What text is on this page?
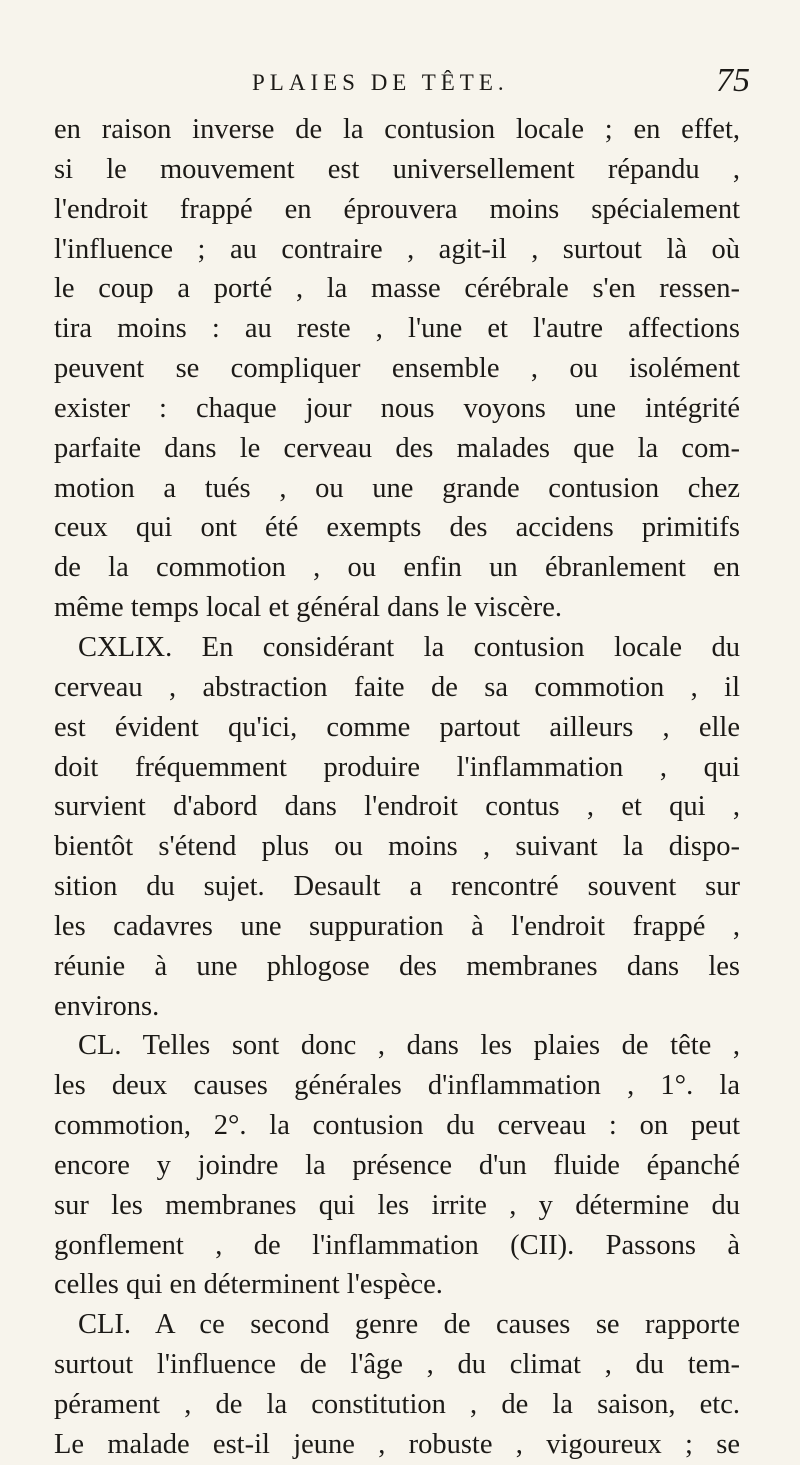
PLAIES DE TÊTE.	75
en raison inverse de la contusion locale ; en effet,
si le mouvement est universellement répandu ,
l'endroit frappé en éprouvera moins spécialement
l'influence ; au contraire , agit-il , surtout là où
le coup a porté , la masse cérébrale s'en ressen-
tira moins : au reste , l'une et l'autre affections
peuvent se compliquer ensemble , ou isolément
exister : chaque jour nous voyons une intégrité
parfaite dans le cerveau des malades que la com-
motion a tués , ou une grande contusion chez
ceux qui ont été exempts des accidens primitifs
de la commotion , ou enfin un ébranlement en
même temps local et général dans le viscère.
CXLIX. En considérant la contusion locale du
cerveau , abstraction faite de sa commotion , il
est évident qu'ici, comme partout ailleurs , elle
doit fréquemment produire l'inflammation , qui
survient d'abord dans l'endroit contus , et qui ,
bientôt s'étend plus ou moins , suivant la dispo-
sition du sujet. Desault a rencontré souvent sur
les cadavres une suppuration à l'endroit frappé ,
réunie à une phlogose des membranes dans les
environs.
CL. Telles sont donc , dans les plaies de tête ,
les deux causes générales d'inflammation , 1°. la
commotion, 2°. la contusion du cerveau : on peut
encore y joindre la présence d'un fluide épanché
sur les membranes qui les irrite , y détermine du
gonflement , de l'inflammation (CII). Passons à
celles qui en déterminent l'espèce.
CLI. A ce second genre de causes se rapporte
surtout l'influence de l'âge , du climat , du tem-
pérament , de la constitution , de la saison, etc.
Le malade est-il jeune , robuste , vigoureux ; se
